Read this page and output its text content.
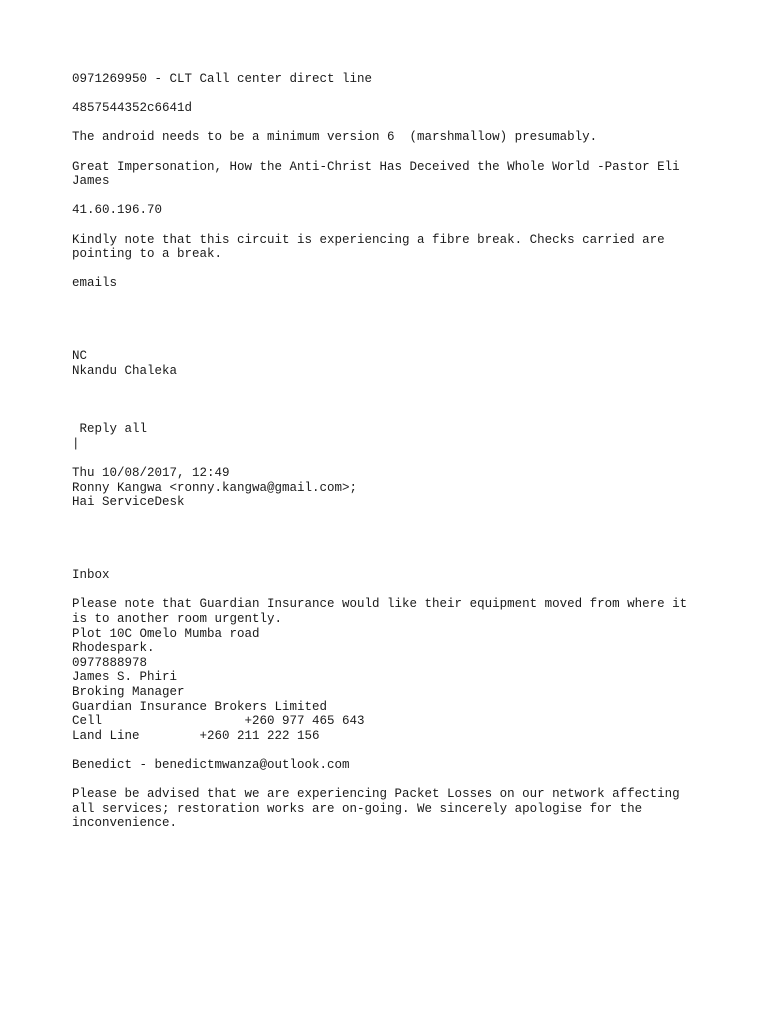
0971269950 - CLT Call center direct line
4857544352c6641d
The android needs to be a minimum version 6  (marshmallow) presumably.
Great Impersonation, How the Anti-Christ Has Deceived the Whole World -Pastor Eli
James
41.60.196.70
Kindly note that this circuit is experiencing a fibre break. Checks carried are
pointing to a break.
emails
NC
Nkandu Chaleka
Reply all
|
Thu 10/08/2017, 12:49
Ronny Kangwa <ronny.kangwa@gmail.com>;
Hai ServiceDesk
Inbox
Please note that Guardian Insurance would like their equipment moved from where it
is to another room urgently.
Plot 10C Omelo Mumba road
Rhodespark.
0977888978
James S. Phiri
Broking Manager
Guardian Insurance Brokers Limited
Cell                   +260 977 465 643
Land Line        +260 211 222 156
Benedict - benedictmwanza@outlook.com
Please be advised that we are experiencing Packet Losses on our network affecting
all services; restoration works are on-going. We sincerely apologise for the
inconvenience.
